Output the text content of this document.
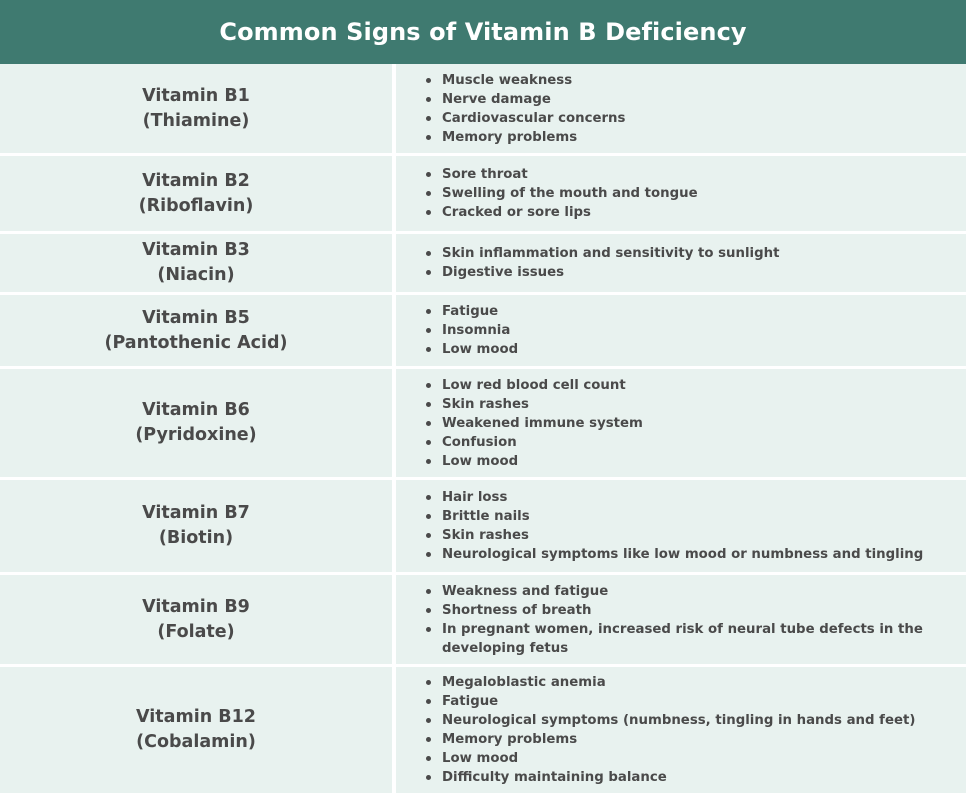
Common Signs of Vitamin B Deficiency
Vitamin B1
(Thiamine)
Muscle weakness
Nerve damage
Cardiovascular concerns
Memory problems
Vitamin B2
(Riboflavin)
Sore throat
Swelling of the mouth and tongue
Cracked or sore lips
Vitamin B3
(Niacin)
Skin inflammation and sensitivity to sunlight
Digestive issues
Vitamin B5
(Pantothenic Acid)
Fatigue
Insomnia
Low mood
Vitamin B6
(Pyridoxine)
Low red blood cell count
Skin rashes
Weakened immune system
Confusion
Low mood
Vitamin B7
(Biotin)
Hair loss
Brittle nails
Skin rashes
Neurological symptoms like low mood or numbness and tingling
Vitamin B9
(Folate)
Weakness and fatigue
Shortness of breath
In pregnant women, increased risk of neural tube defects in the developing fetus
Vitamin B12
(Cobalamin)
Megaloblastic anemia
Fatigue
Neurological symptoms (numbness, tingling in hands and feet)
Memory problems
Low mood
Difficulty maintaining balance
